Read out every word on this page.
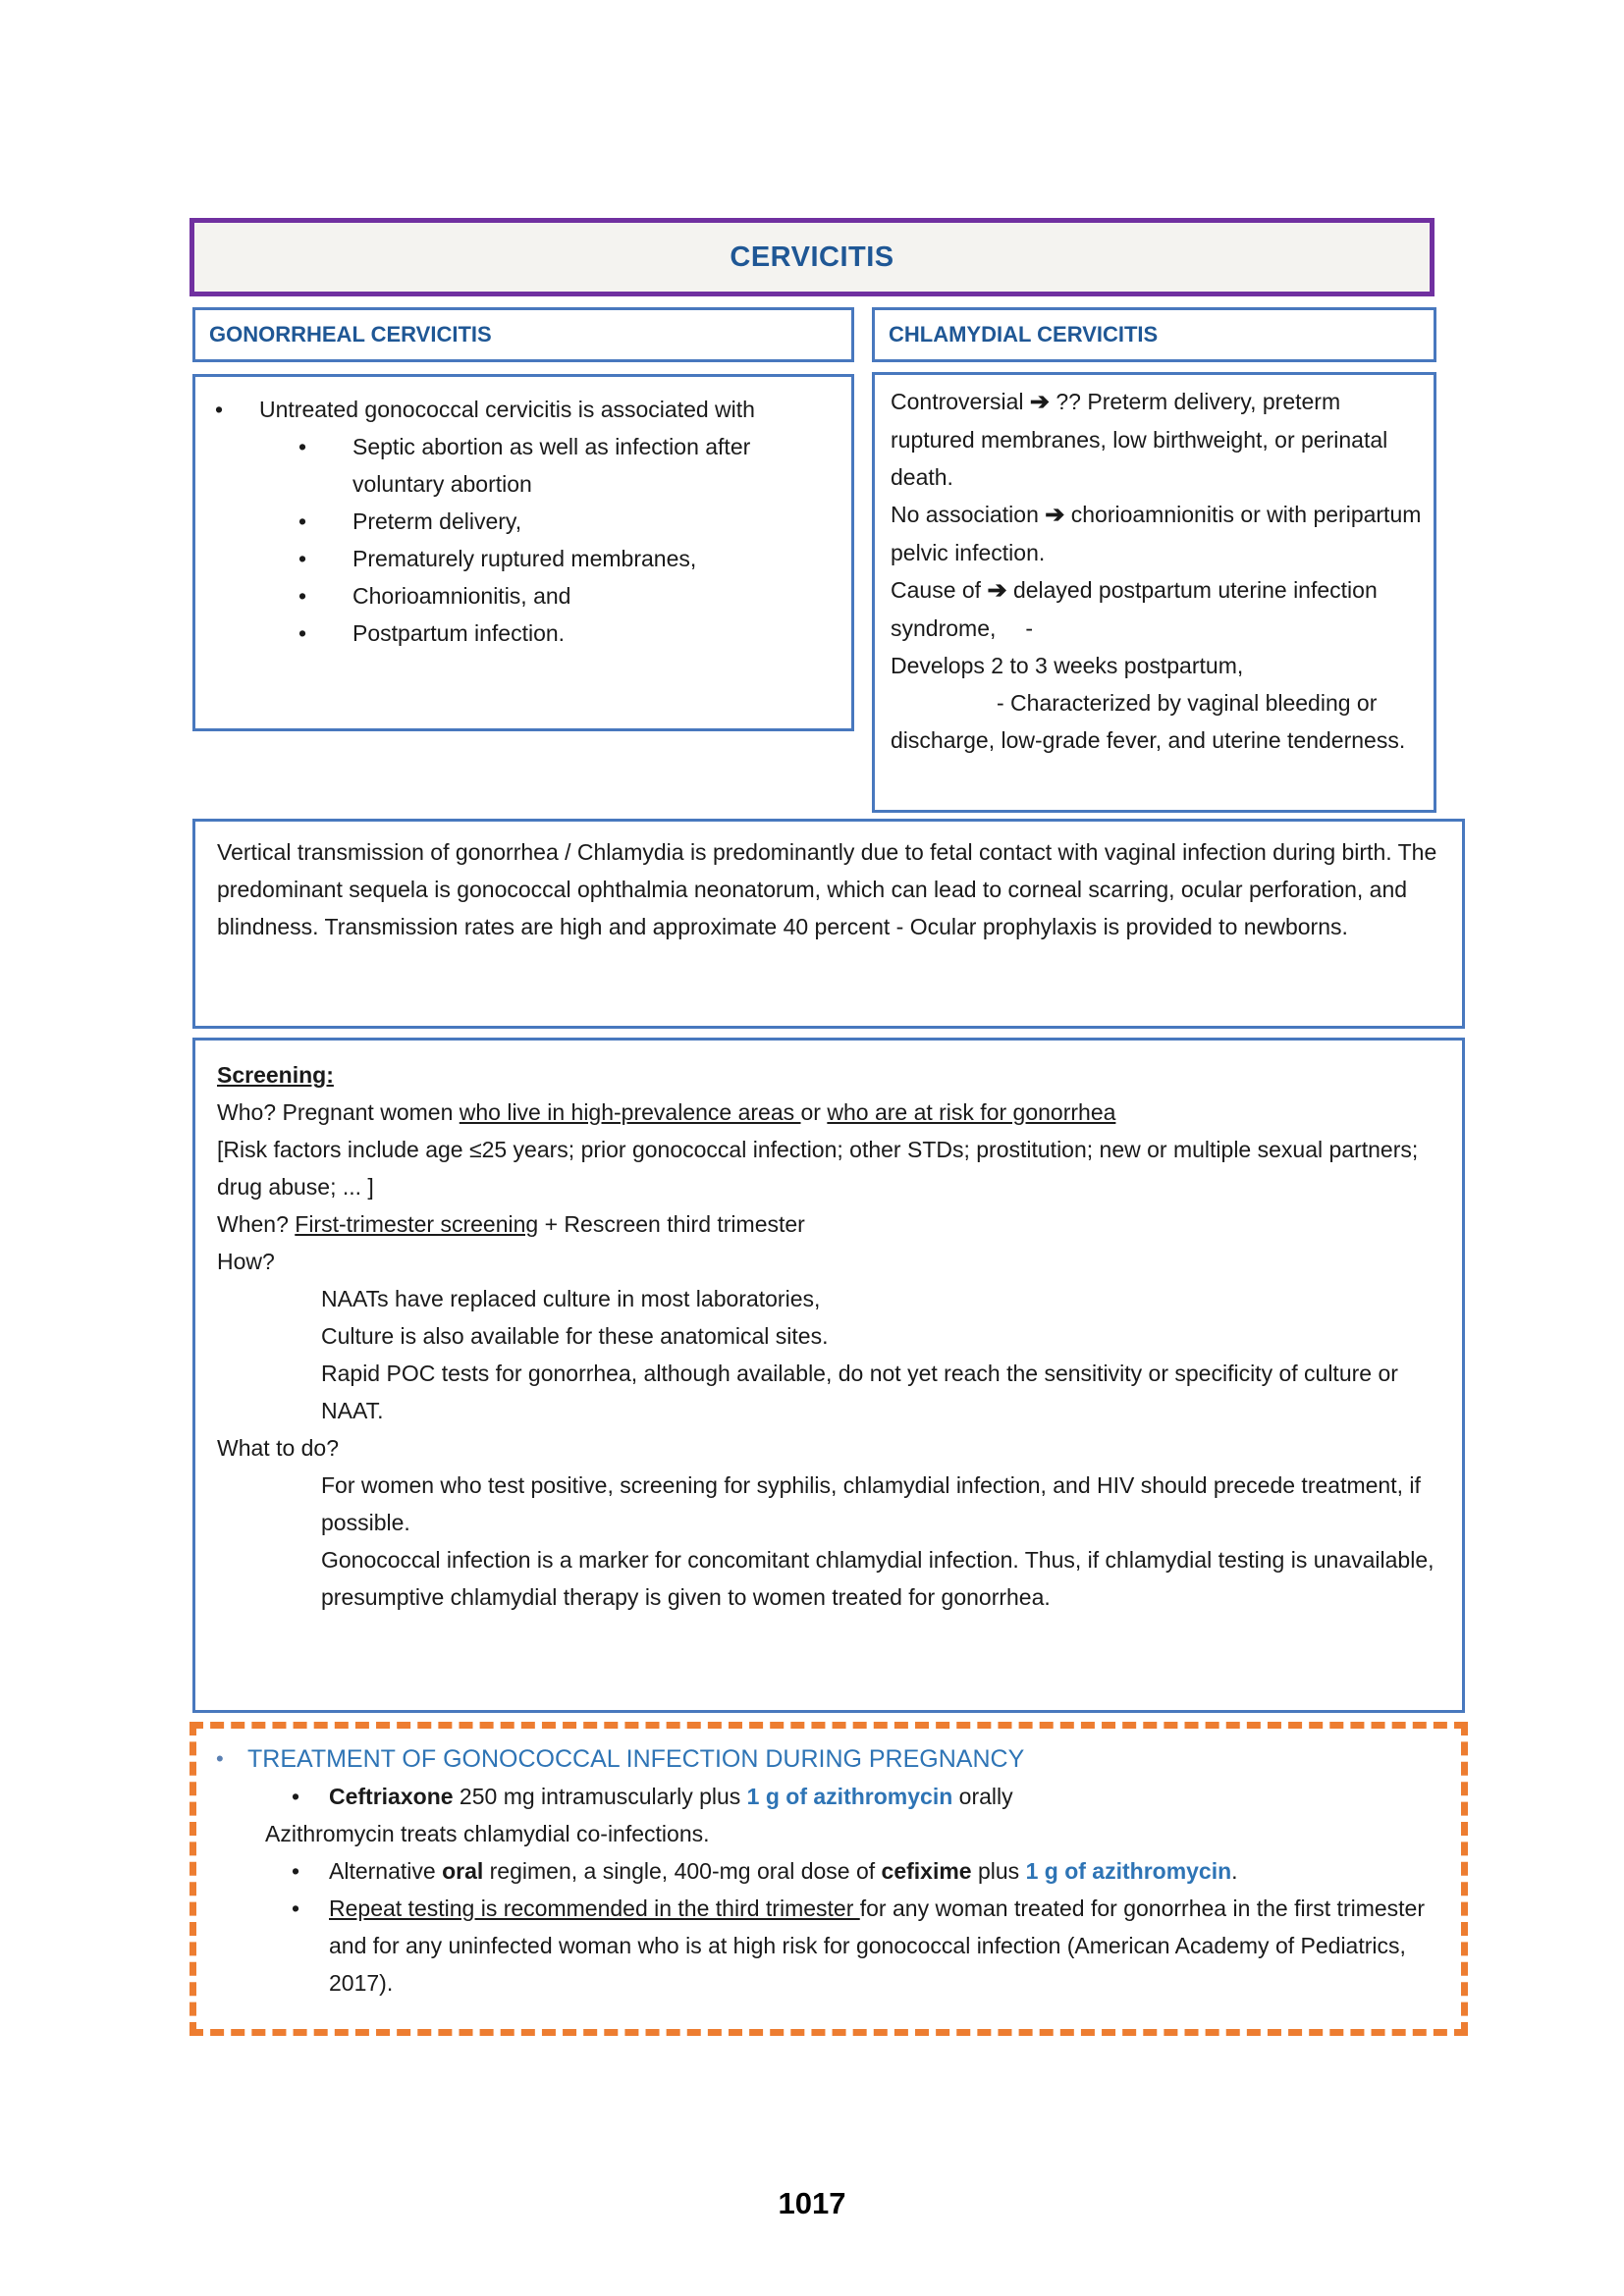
CERVICITIS
GONORRHEAL CERVICITIS	CHLAMYDIAL CERVICITIS
•	Untreated gonococcal cervicitis is associated with
•	Septic abortion as well as infection after voluntary abortion
•	Preterm delivery,
•	Prematurely ruptured membranes,
•	Chorioamnionitis, and
•	Postpartum infection.

Controversial ➔ ?? Preterm delivery, preterm ruptured membranes, low birthweight, or perinatal death.

No association ➔ chorioamnionitis or with peripartum pelvic infection.

Cause of ➔ delayed postpartum uterine infection syndrome, -

Develops 2 to 3 weeks postpartum,

- Characterized by vaginal bleeding or discharge, low-grade fever, and uterine tenderness.

Vertical transmission of gonorrhea / Chlamydia is predominantly due to fetal contact with vaginal infection during birth. The predominant sequela is gonococcal ophthalmia neonatorum, which can lead to corneal scarring, ocular perforation, and blindness. Transmission rates are high and approximate 40 percent - Ocular prophylaxis is provided to newborns.

Screening:

Who? Pregnant women who live in high-prevalence areas or who are at risk for gonorrhea

[Risk factors include age ≤25 years; prior gonococcal infection; other STDs; prostitution; new or multiple sexual partners; drug abuse; ... ]

When? First-trimester screening + Rescreen third trimester

How?

NAATs have replaced culture in most laboratories,

Culture is also available for these anatomical sites.

Rapid POC tests for gonorrhea, although available, do not yet reach the sensitivity or specificity of culture or NAAT.

What to do?

For women who test positive, screening for syphilis, chlamydial infection, and HIV should precede treatment, if possible.

Gonococcal infection is a marker for concomitant chlamydial infection. Thus, if chlamydial testing is unavailable, presumptive chlamydial therapy is given to women treated for gonorrhea.

• TREATMENT OF GONOCOCCAL INFECTION DURING PREGNANCY
•	Ceftriaxone 250 mg intramuscularly plus 1 g of azithromycin orally

Azithromycin treats chlamydial co-infections.

•	Alternative oral regimen, a single, 400-mg oral dose of cefixime plus 1 g of azithromycin.
•	Repeat testing is recommended in the third trimester for any woman treated for gonorrhea in the first trimester and for any uninfected woman who is at high risk for gonococcal infection (American Academy of Pediatrics, 2017).
1017
